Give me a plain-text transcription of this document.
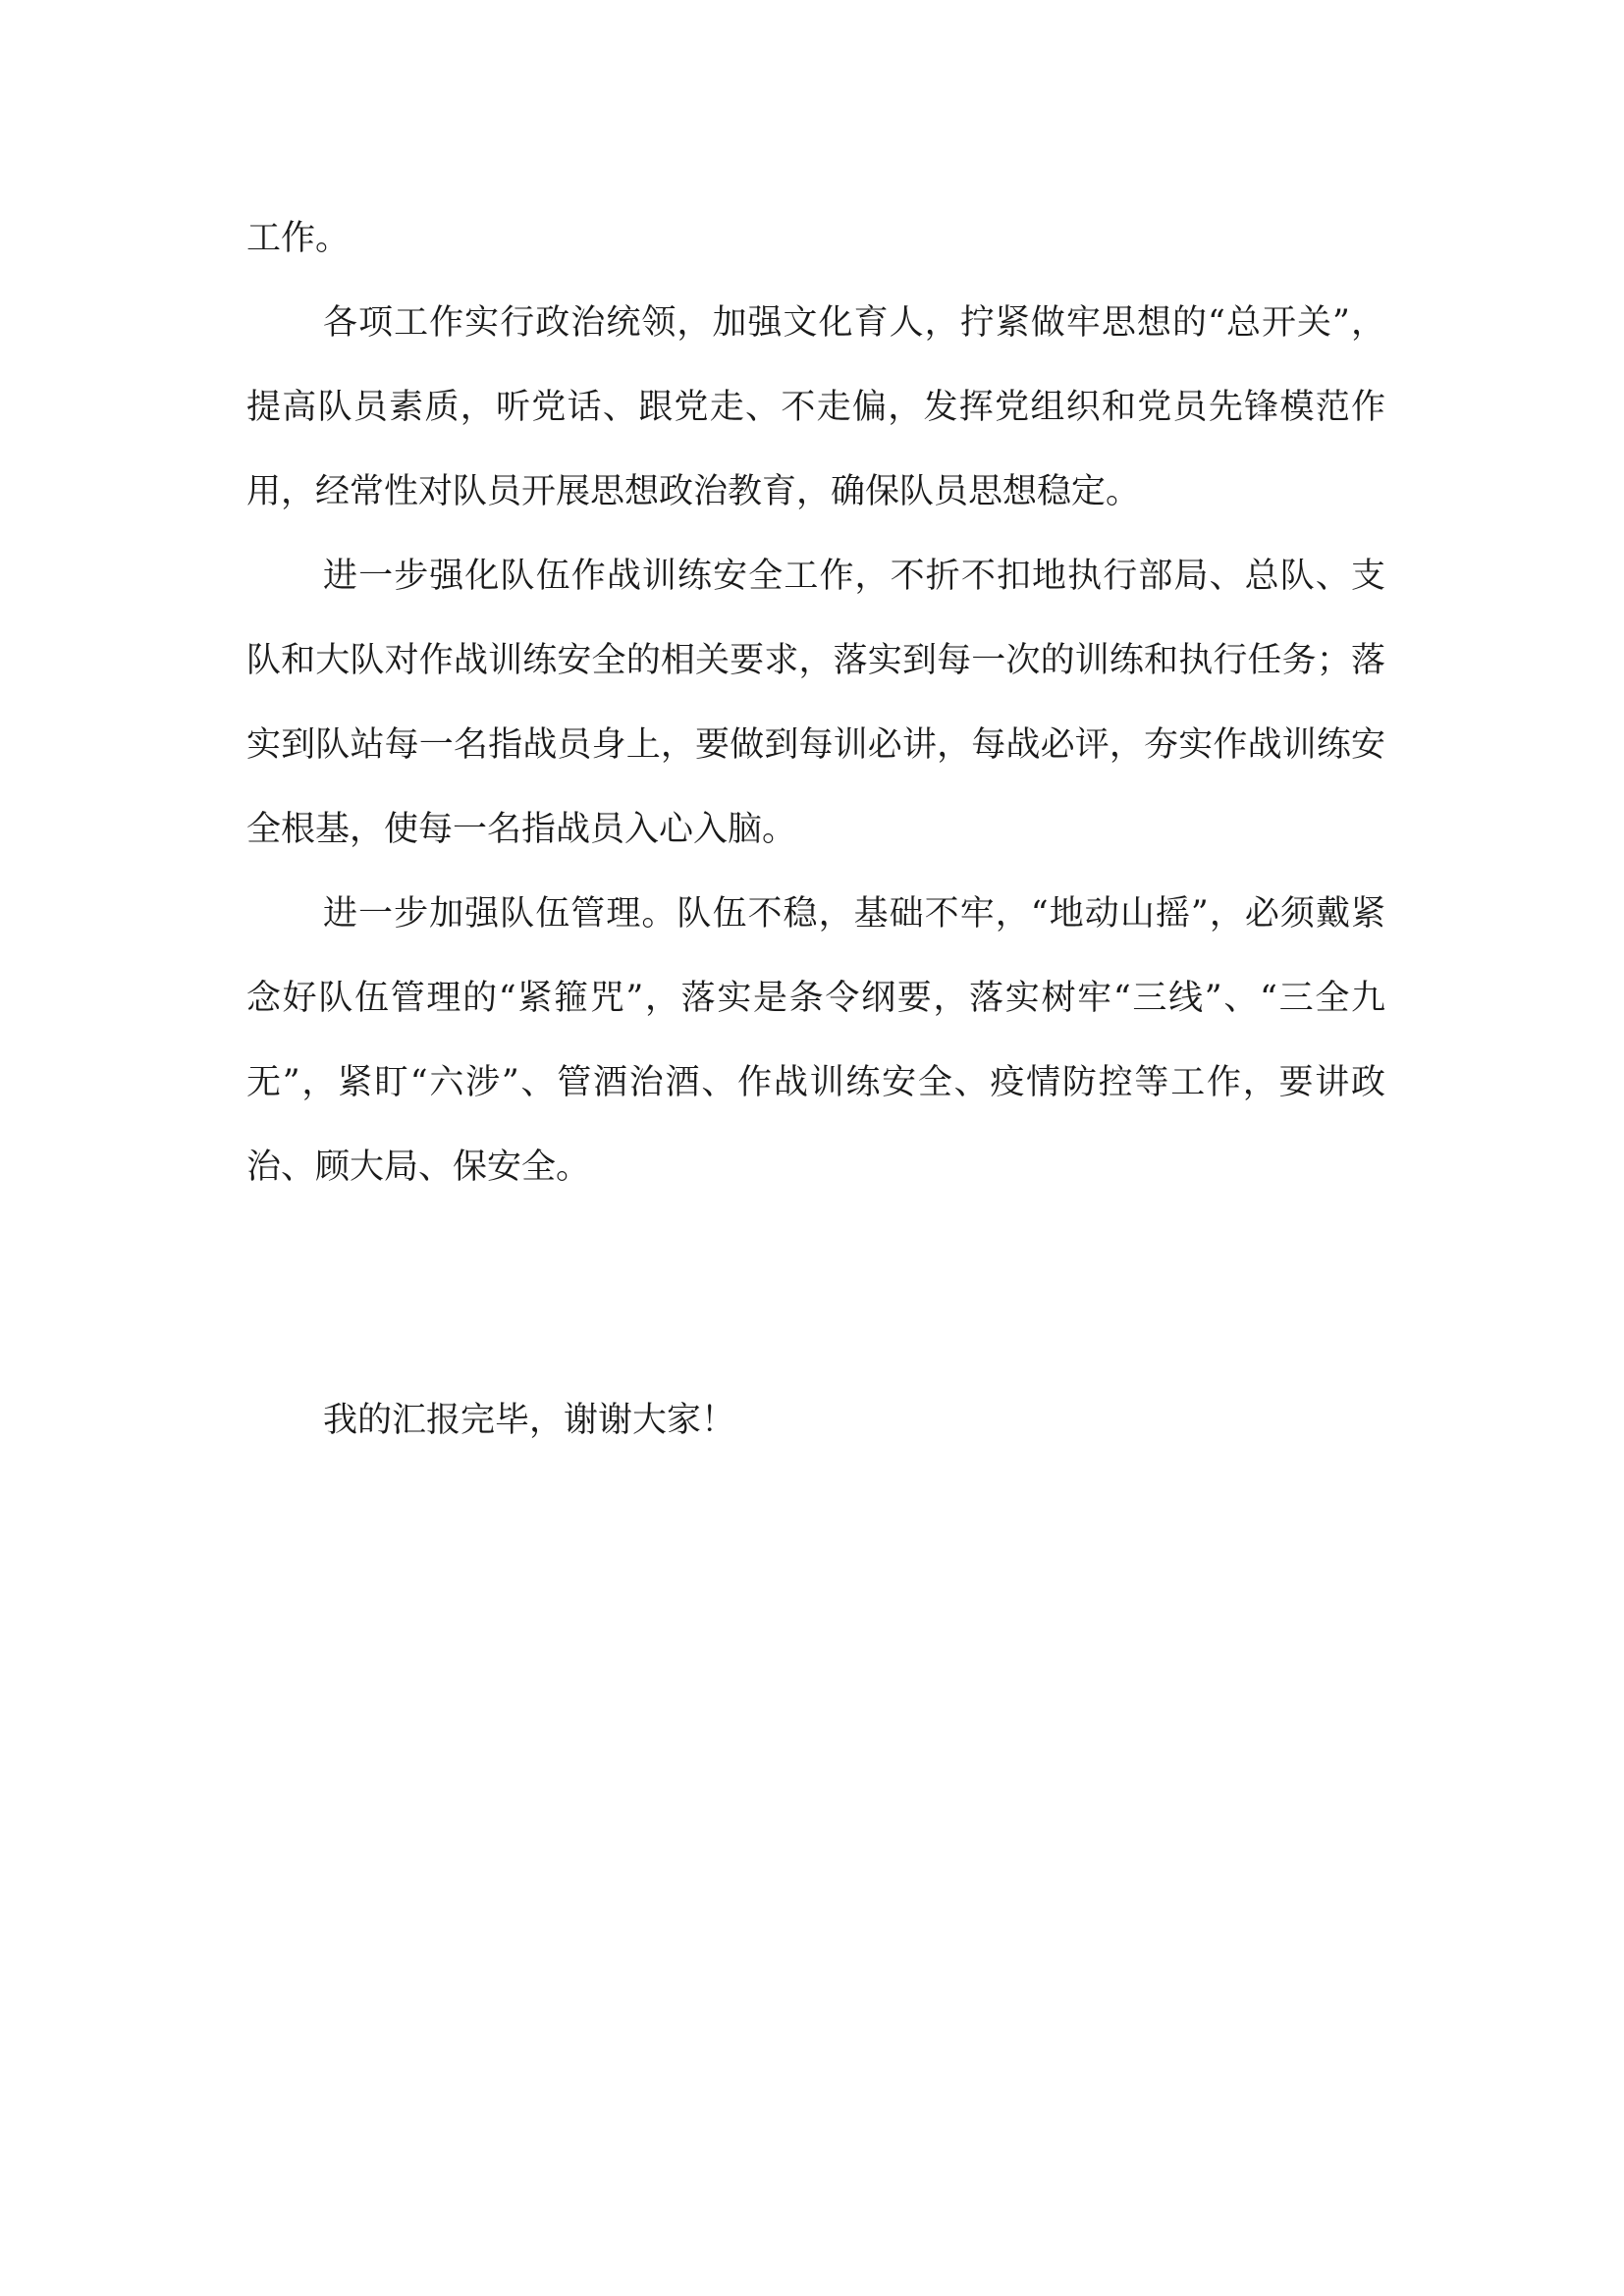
工作。

各项工作实行政治统领，加强文化育人，拧紧做牢思想的“总开关”，提高队员素质，听党话、跟党走、不走偏，发挥党组织和党员先锋模范作用，经常性对队员开展思想政治教育，确保队员思想稳定。

进一步强化队伍作战训练安全工作，不折不扣地执行部局、总队、支队和大队对作战训练安全的相关要求，落实到每一次的训练和执行任务；落实到队站每一名指战员身上，要做到每训必讲，每战必评，夯实作战训练安全根基，使每一名指战员入心入脑。

进一步加强队伍管理。队伍不稳，基础不牢，“地动山摇”，必须戴紧念好队伍管理的“紧箍咒”，落实是条令纲要，落实树牢“三线”、“三全九无”，紧盯“六涉”、管酒治酒、作战训练安全、疫情防控等工作，要讲政治、顾大局、保安全。

我的汇报完毕，谢谢大家！
